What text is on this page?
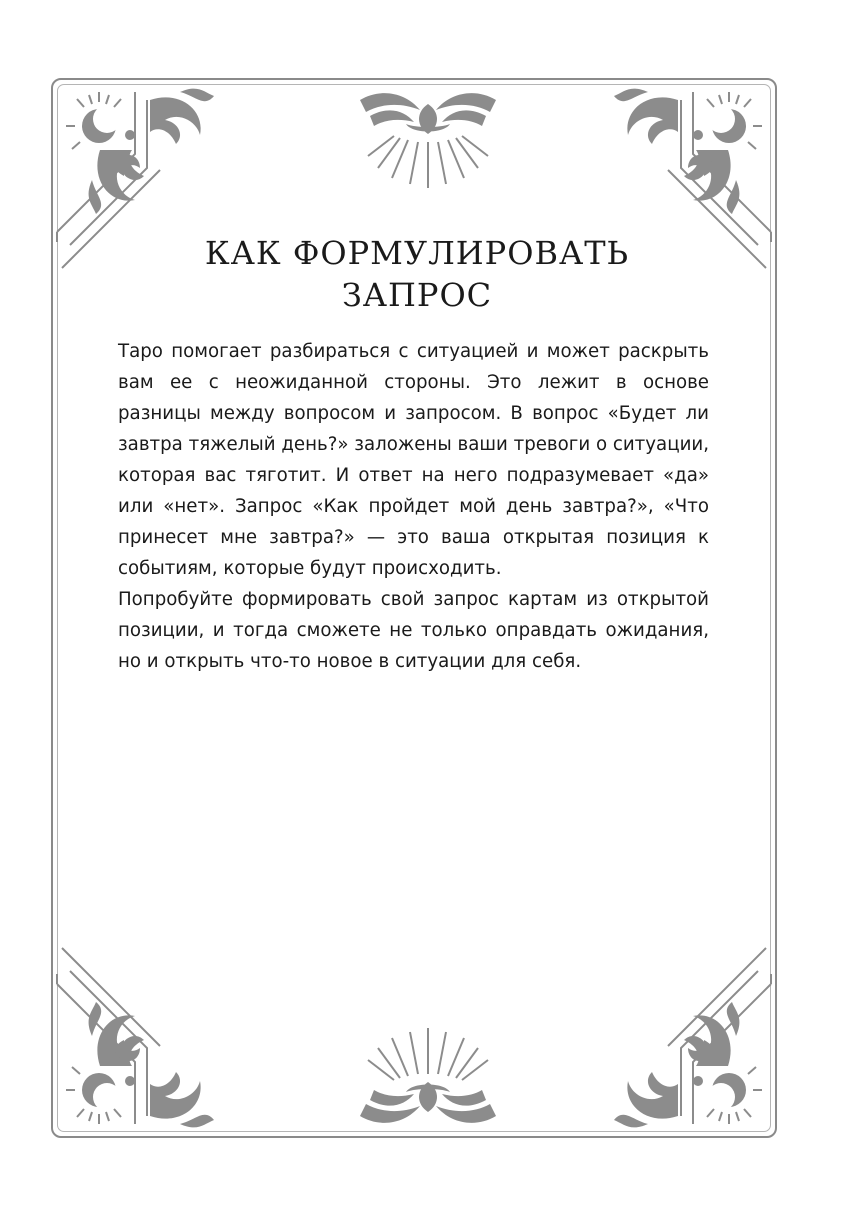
КАК ФОРМУЛИРОВАТЬ
ЗАПРОС

Таро помогает разбираться с ситуацией и может раскрыть вам ее с неожиданной стороны. Это лежит в основе разницы между вопросом и запросом. В вопрос «Будет ли завтра тяжелый день?» заложены ваши тревоги о ситуации, которая вас тяготит. И ответ на него подразумевает «да» или «нет». Запрос «Как пройдет мой день завтра?», «Что принесет мне завтра?» — это ваша открытая позиция к событиям, которые будут происходить.

Попробуйте формировать свой запрос картам из открытой позиции, и тогда сможете не только оправдать ожидания, но и открыть что-то новое в ситуации для себя.
